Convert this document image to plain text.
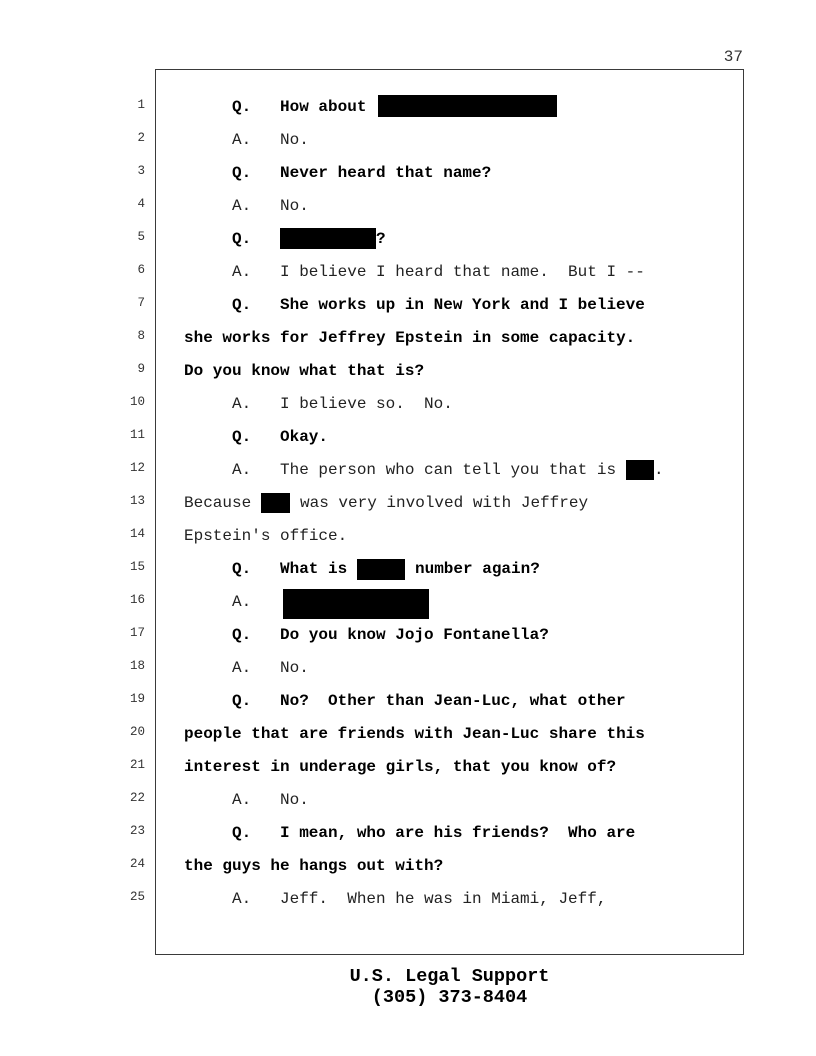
37

1

	Q.

How about

2

	A.

No.

3

	Q.

Never heard that name?

4

	A.

No.

5

	Q.

	?

6

	A.

I believe I heard that name.  But I --

7

	Q.

She works up in New York and I believe

8

she works for Jeffrey Epstein in some capacity.

9

Do you know what that is?

10

	A.

I believe so.  No.

11

	Q.

Okay.

12

	A.

The person who can tell you that is

.

13

Because

	was very involved with Jeffrey

14

Epstein's office.

15

	Q.

What is

	number again?

16

	A.

17

	Q.

Do you know Jojo Fontanella?

18

	A.

No.

19

	Q.

No?  Other than Jean-Luc, what other

20

people that are friends with Jean-Luc share this

21

interest in underage girls, that you know of?

22

	A.

No.

23

	Q.

I mean, who are his friends?  Who are

24

the guys he hangs out with?

25

	A.

Jeff.  When he was in Miami, Jeff,

U.S. Legal Support
(305) 373-8404
